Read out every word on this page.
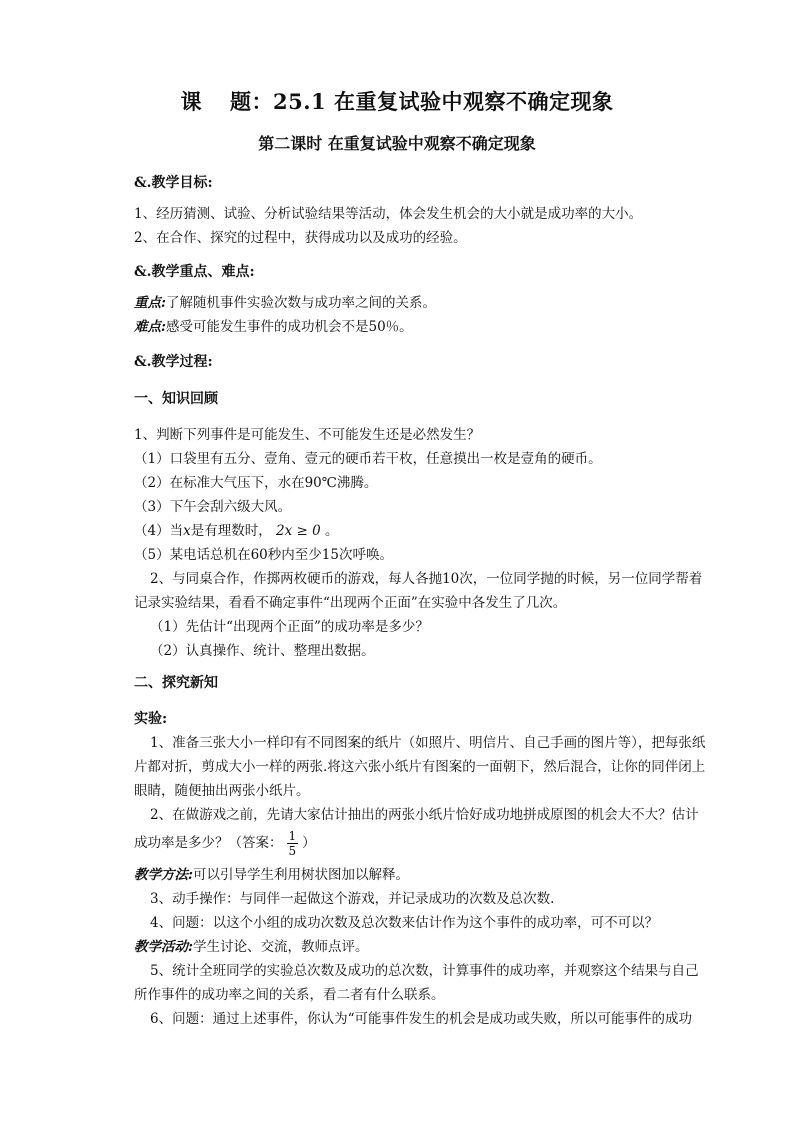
课 题：25.1 在重复试验中观察不确定现象
第二课时 在重复试验中观察不确定现象
&.教学目标:
1、经历猜测、试验、分析试验结果等活动，体会发生机会的大小就是成功率的大小。
2、在合作、探究的过程中，获得成功以及成功的经验。
&.教学重点、难点:
重点:了解随机事件实验次数与成功率之间的关系。
难点:感受可能发生事件的成功机会不是50％。
&.教学过程:
一、知识回顾
1、判断下列事件是可能发生、不可能发生还是必然发生？
（1）口袋里有五分、壹角、壹元的硬币若干枚，任意摸出一枚是壹角的硬币。
（2）在标准大气压下，水在90℃沸腾。
（3）下午会刮六级大风。
（4）当x是有理数时， 2x ≥ 0 。
（5）某电话总机在60秒内至少15次呼唤。
2、与同桌合作，作掷两枚硬币的游戏，每人各抛10次，一位同学抛的时候，另一位同学帮着
记录实验结果，看看不确定事件“出现两个正面”在实验中各发生了几次。
（1）先估计“出现两个正面”的成功率是多少？
（2）认真操作、统计、整理出数据。
二、探究新知
实验:
1、准备三张大小一样印有不同图案的纸片（如照片、明信片、自己手画的图片等），把每张纸
片都对折，剪成大小一样的两张.将这六张小纸片有图案的一面朝下，然后混合，让你的同伴闭上
眼睛，随便抽出两张小纸片。
2、在做游戏之前，先请大家估计抽出的两张小纸片恰好成功地拼成原图的机会大不大？估计
成功率是多少？（答案： $\frac{1}{5}$ ）
教学方法:可以引导学生利用树状图加以解释。
3、动手操作：与同伴一起做这个游戏，并记录成功的次数及总次数.
4、问题：以这个小组的成功次数及总次数来估计作为这个事件的成功率，可不可以？
教学活动:学生讨论、交流，教师点评。
5、统计全班同学的实验总次数及成功的总次数，计算事件的成功率，并观察这个结果与自己
所作事件的成功率之间的关系，看二者有什么联系。
6、问题：通过上述事件，你认为“可能事件发生的机会是成功或失败，所以可能事件的成功
